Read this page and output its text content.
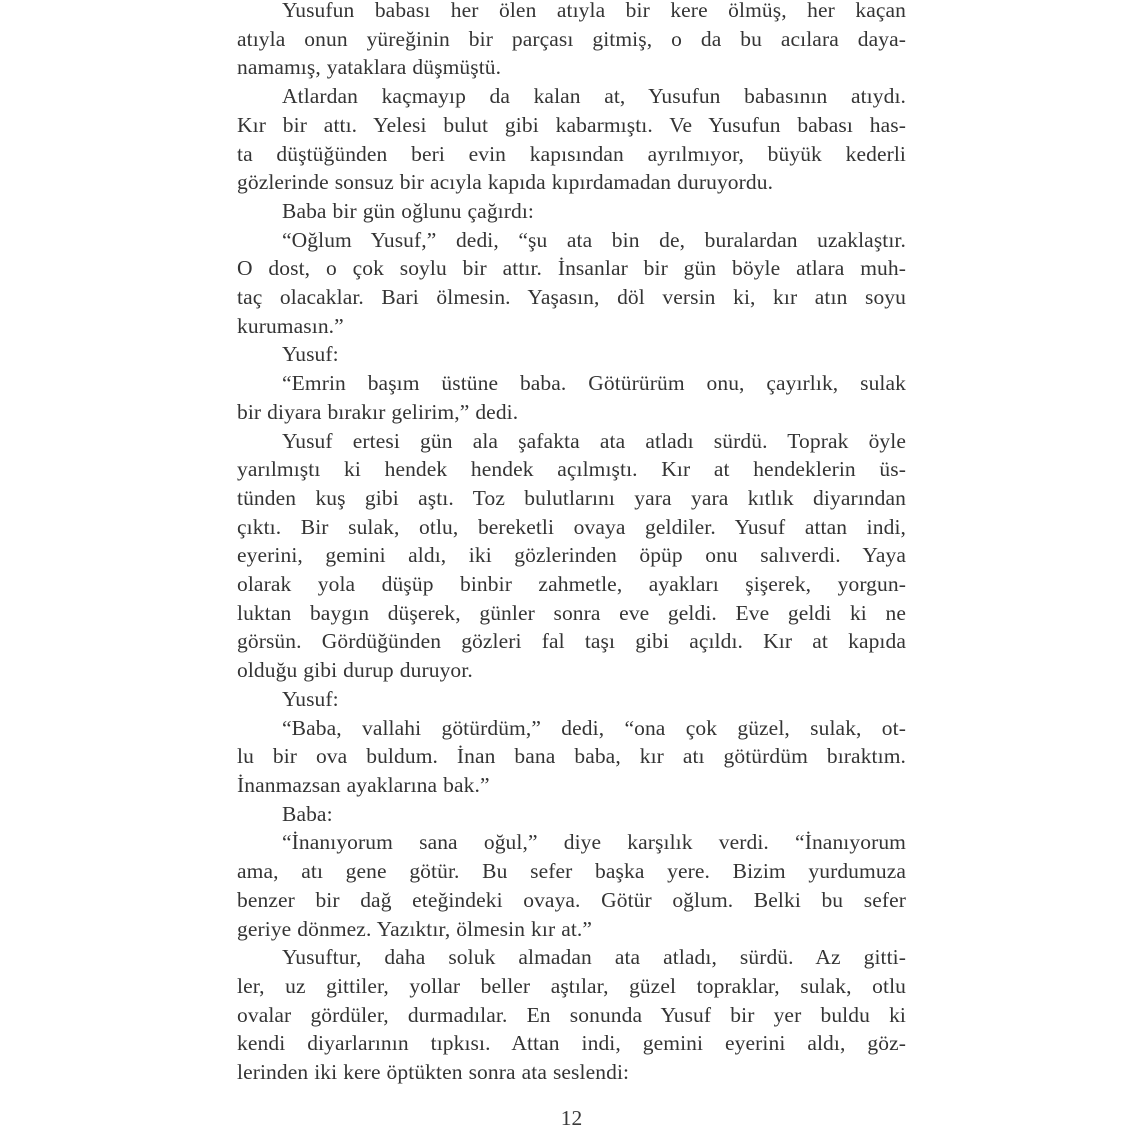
Yusufun babası her ölen atıyla bir kere ölmüş, her kaçan
atıyla onun yüreğinin bir parçası gitmiş, o da bu acılara daya-
namamış, yataklara düşmüştü.
Atlardan kaçmayıp da kalan at, Yusufun babasının atıydı.
Kır bir attı. Yelesi bulut gibi kabarmıştı. Ve Yusufun babası has-
ta düştüğünden beri evin kapısından ayrılmıyor, büyük kederli
gözlerinde sonsuz bir acıyla kapıda kıpırdamadan duruyordu.
Baba bir gün oğlunu çağırdı:
“Oğlum Yusuf,” dedi, “şu ata bin de, buralardan uzaklaştır.
O dost, o çok soylu bir attır. İnsanlar bir gün böyle atlara muh-
taç olacaklar. Bari ölmesin. Yaşasın, döl versin ki, kır atın soyu
kurumasın.”
Yusuf:
“Emrin başım üstüne baba. Götürürüm onu, çayırlık, sulak
bir diyara bırakır gelirim,” dedi.
Yusuf ertesi gün ala şafakta ata atladı sürdü. Toprak öyle
yarılmıştı ki hendek hendek açılmıştı. Kır at hendeklerin üs-
tünden kuş gibi aştı. Toz bulutlarını yara yara kıtlık diyarından
çıktı. Bir sulak, otlu, bereketli ovaya geldiler. Yusuf attan indi,
eyerini, gemini aldı, iki gözlerinden öpüp onu salıverdi. Yaya
olarak yola düşüp binbir zahmetle, ayakları şişerek, yorgun-
luktan baygın düşerek, günler sonra eve geldi. Eve geldi ki ne
görsün. Gördüğünden gözleri fal taşı gibi açıldı. Kır at kapıda
olduğu gibi durup duruyor.
Yusuf:
“Baba, vallahi götürdüm,” dedi, “ona çok güzel, sulak, ot-
lu bir ova buldum. İnan bana baba, kır atı götürdüm bıraktım.
İnanmazsan ayaklarına bak.”
Baba:
“İnanıyorum sana oğul,” diye karşılık verdi. “İnanıyorum
ama, atı gene götür. Bu sefer başka yere. Bizim yurdumuza
benzer bir dağ eteğindeki ovaya. Götür oğlum. Belki bu sefer
geriye dönmez. Yazıktır, ölmesin kır at.”
Yusuftur, daha soluk almadan ata atladı, sürdü. Az gitti-
ler, uz gittiler, yollar beller aştılar, güzel topraklar, sulak, otlu
ovalar gördüler, durmadılar. En sonunda Yusuf bir yer buldu ki
kendi diyarlarının tıpkısı. Attan indi, gemini eyerini aldı, göz-
lerinden iki kere öptükten sonra ata seslendi:
12
